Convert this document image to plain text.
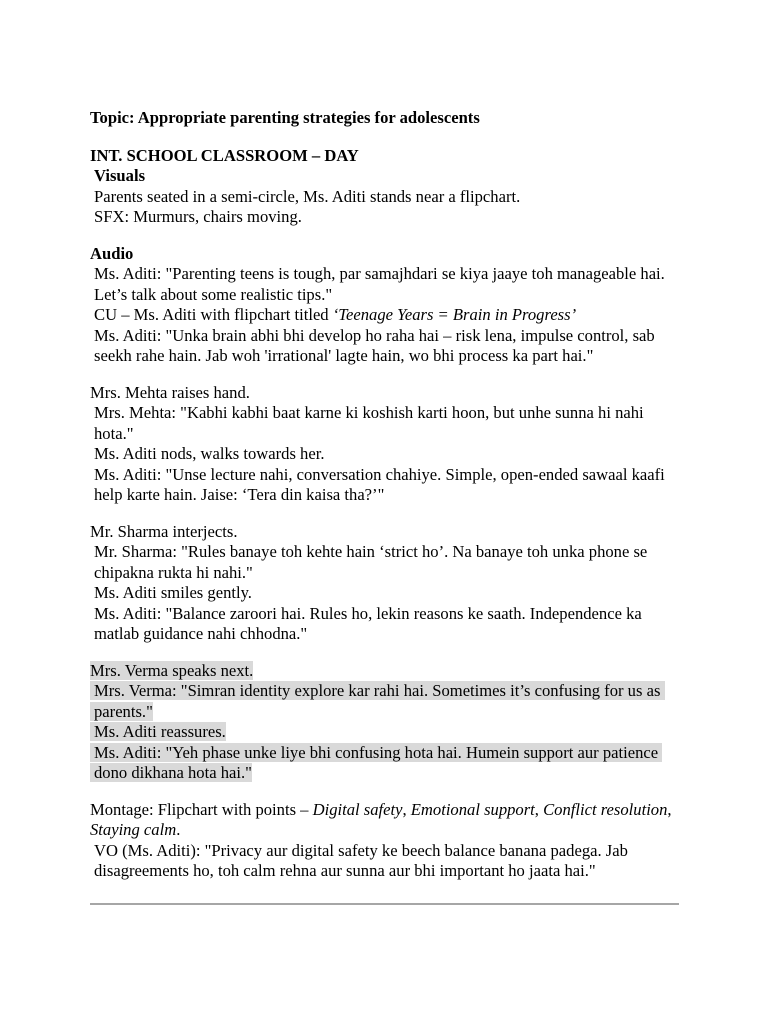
Topic: Appropriate parenting strategies for adolescents
INT. SCHOOL CLASSROOM – DAY
Visuals
Parents seated in a semi-circle, Ms. Aditi stands near a flipchart.
SFX: Murmurs, chairs moving.
Audio
Ms. Aditi: "Parenting teens is tough, par samajhdari se kiya jaaye toh manageable hai. Let’s talk about some realistic tips."
CU – Ms. Aditi with flipchart titled ‘Teenage Years = Brain in Progress’
Ms. Aditi: "Unka brain abhi bhi develop ho raha hai – risk lena, impulse control, sab seekh rahe hain. Jab woh 'irrational' lagte hain, wo bhi process ka part hai."
Mrs. Mehta raises hand.
Mrs. Mehta: "Kabhi kabhi baat karne ki koshish karti hoon, but unhe sunna hi nahi hota."
Ms. Aditi nods, walks towards her.
Ms. Aditi: "Unse lecture nahi, conversation chahiye. Simple, open-ended sawaal kaafi help karte hain. Jaise: ‘Tera din kaisa tha?’"
Mr. Sharma interjects.
Mr. Sharma: "Rules banaye toh kehte hain ‘strict ho’. Na banaye toh unka phone se chipakna rukta hi nahi."
Ms. Aditi smiles gently.
Ms. Aditi: "Balance zaroori hai. Rules ho, lekin reasons ke saath. Independence ka matlab guidance nahi chhodna."
Mrs. Verma speaks next.
Mrs. Verma: "Simran identity explore kar rahi hai. Sometimes it’s confusing for us as parents."
Ms. Aditi reassures.
Ms. Aditi: "Yeh phase unke liye bhi confusing hota hai. Humein support aur patience dono dikhana hota hai."
Montage: Flipchart with points – Digital safety, Emotional support, Conflict resolution, Staying calm.
VO (Ms. Aditi): "Privacy aur digital safety ke beech balance banana padega. Jab disagreements ho, toh calm rehna aur sunna aur bhi important ho jaata hai."
